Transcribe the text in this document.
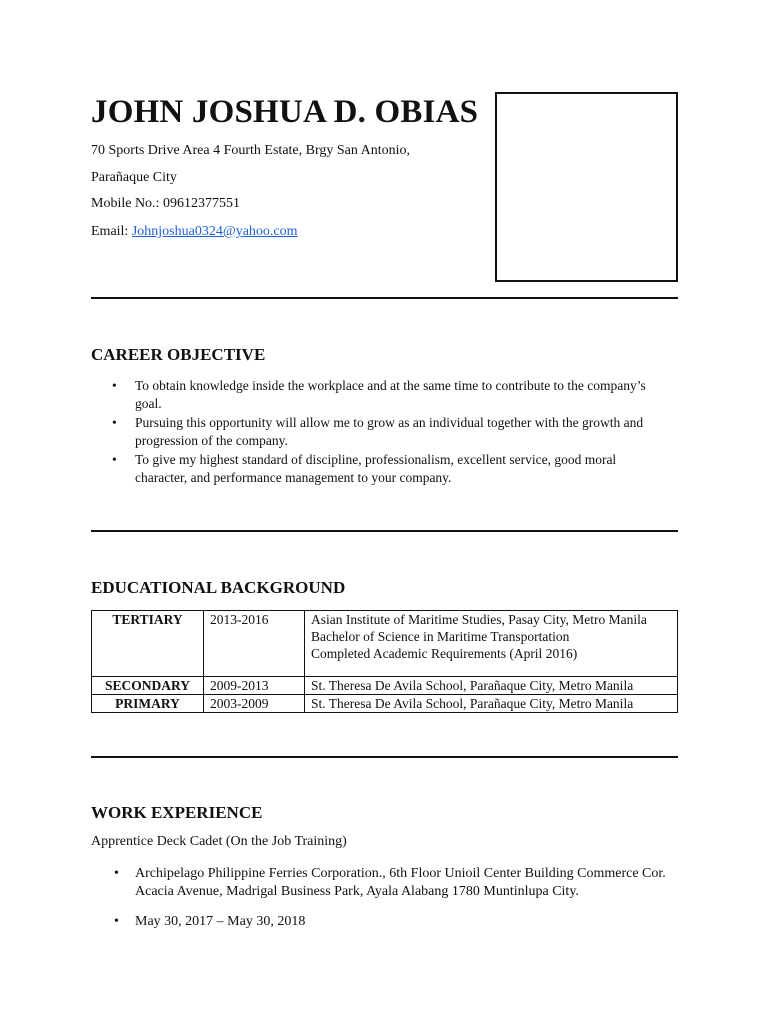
JOHN JOSHUA D. OBIAS
70 Sports Drive Area 4 Fourth Estate, Brgy San Antonio,
Parañaque City
Mobile No.: 09612377551
Email: Johnjoshua0324@yahoo.com
CAREER OBJECTIVE
• To obtain knowledge inside the workplace and at the same time to contribute to the company’s goal.
• Pursuing this opportunity will allow me to grow as an individual together with the growth and progression of the company.
• To give my highest standard of discipline, professionalism, excellent service, good moral character, and performance management to your company.
EDUCATIONAL BACKGROUND
TERTIARY	2013-2016	Asian Institute of Maritime Studies, Pasay City, Metro Manila
Bachelor of Science in Maritime Transportation
Completed Academic Requirements (April 2016)

SECONDARY	2009-2013	St. Theresa De Avila School, Parañaque City, Metro Manila

PRIMARY	2003-2009	St. Theresa De Avila School, Parañaque City, Metro Manila
WORK EXPERIENCE
Apprentice Deck Cadet (On the Job Training)
• Archipelago Philippine Ferries Corporation., 6th Floor Unioil Center Building Commerce Cor. Acacia Avenue, Madrigal Business Park, Ayala Alabang 1780 Muntinlupa City.
• May 30, 2017 – May 30, 2018
